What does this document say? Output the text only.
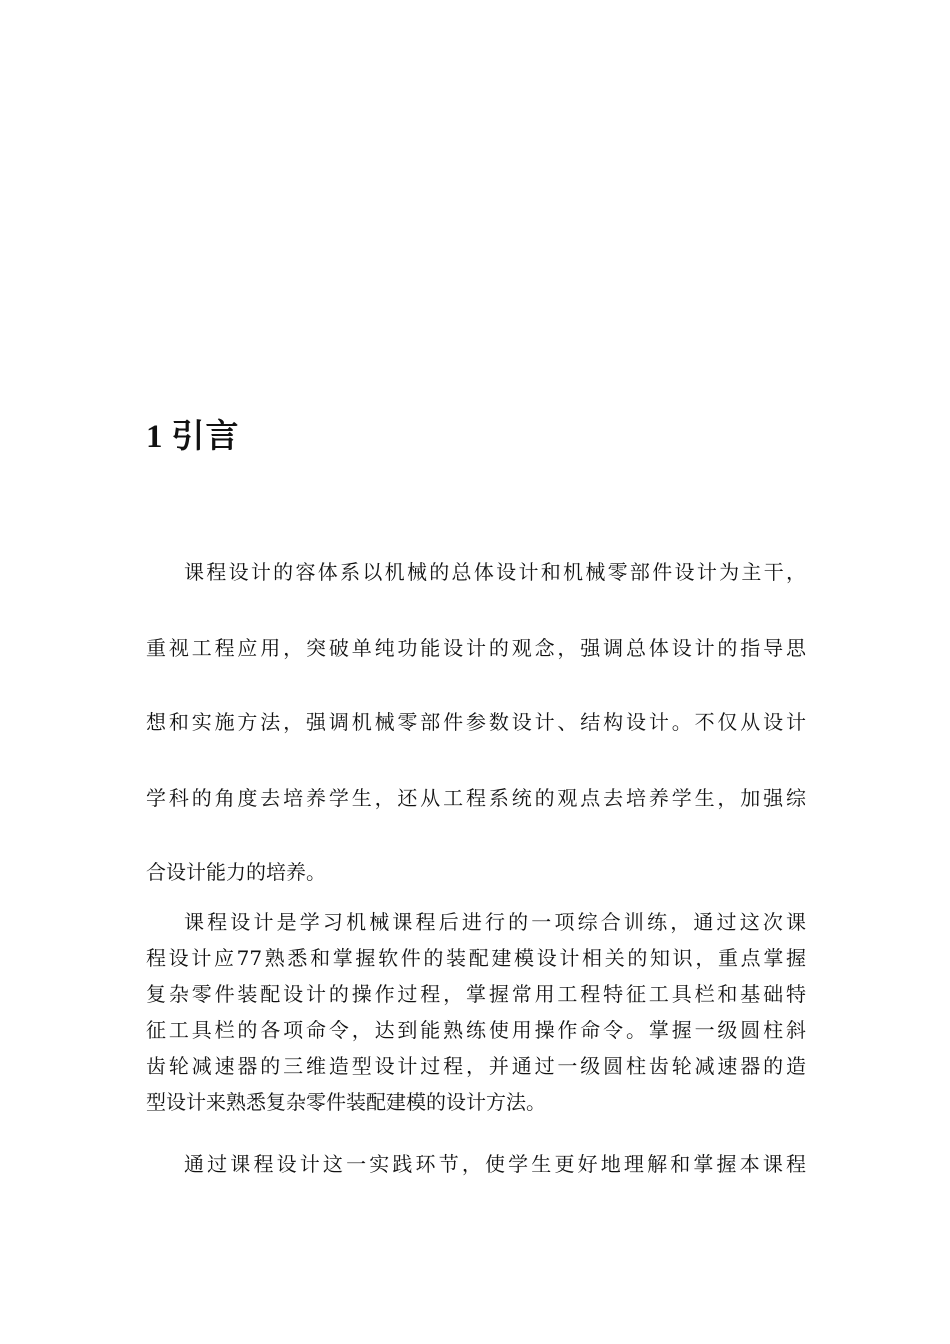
1 引言
课程设计的容体系以机械的总体设计和机械零部件设计为主干，
重视工程应用，突破单纯功能设计的观念，强调总体设计的指导思
想和实施方法，强调机械零部件参数设计、结构设计。不仅从设计
学科的角度去培养学生，还从工程系统的观点去培养学生，加强综
合设计能力的培养。
课程设计是学习机械课程后进行的一项综合训练，通过这次课
程设计应77熟悉和掌握软件的装配建模设计相关的知识，重点掌握
复杂零件装配设计的操作过程，掌握常用工程特征工具栏和基础特
征工具栏的各项命令，达到能熟练使用操作命令。掌握一级圆柱斜
齿轮减速器的三维造型设计过程，并通过一级圆柱齿轮减速器的造
型设计来熟悉复杂零件装配建模的设计方法。
通过课程设计这一实践环节，使学生更好地理解和掌握本课程
